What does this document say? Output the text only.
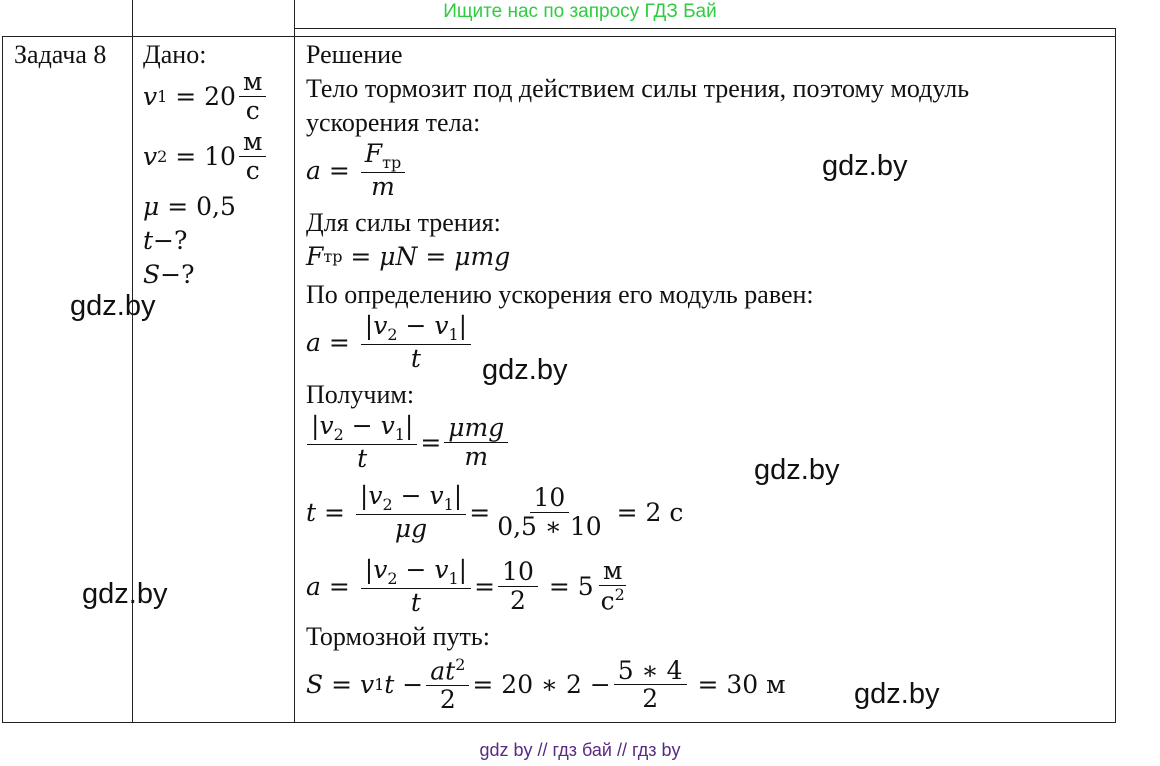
Ищите нас по запросу ГДЗ Бай
Задача 8 Дано:
v $1 = 20 \frac{м}{с}$
v $2 = 10 \frac{м}{с}$
μ = 0,5
t −?
S −?
Решение
Тело тормозит под действием силы трения, поэтому модуль
ускорения тела:
$a = \frac{F_{тр}}{m}$
Для силы трения:
F тр = μN = μmg
По определению ускорения его модуль равен:
$a = \frac{|v_2 - v_1|}{t}$
Получим:
$\frac{|v_2 - v_1|}{t} = \frac{\text{μmg}}{m}$
$t = \frac{|v_2 - v_1|}{\mu g} = \frac{10}{0,5 ∗ 10}$
= 2 с
$a = \frac{|v_2 - v_1|}{t} = \frac{10}{2}$
= $5 \frac{м}{с^2}$
Тормозной путь:
S = v 1 $t - \frac{at^2}{2} = 20$ ∗ $2 - \frac{5 ∗ 4}{2}$
= 30 м
gdz.by
gdz.by
gdz.by
gdz.by
gdz.by
gdz.by
gdz by // гдз бай // гдз by
